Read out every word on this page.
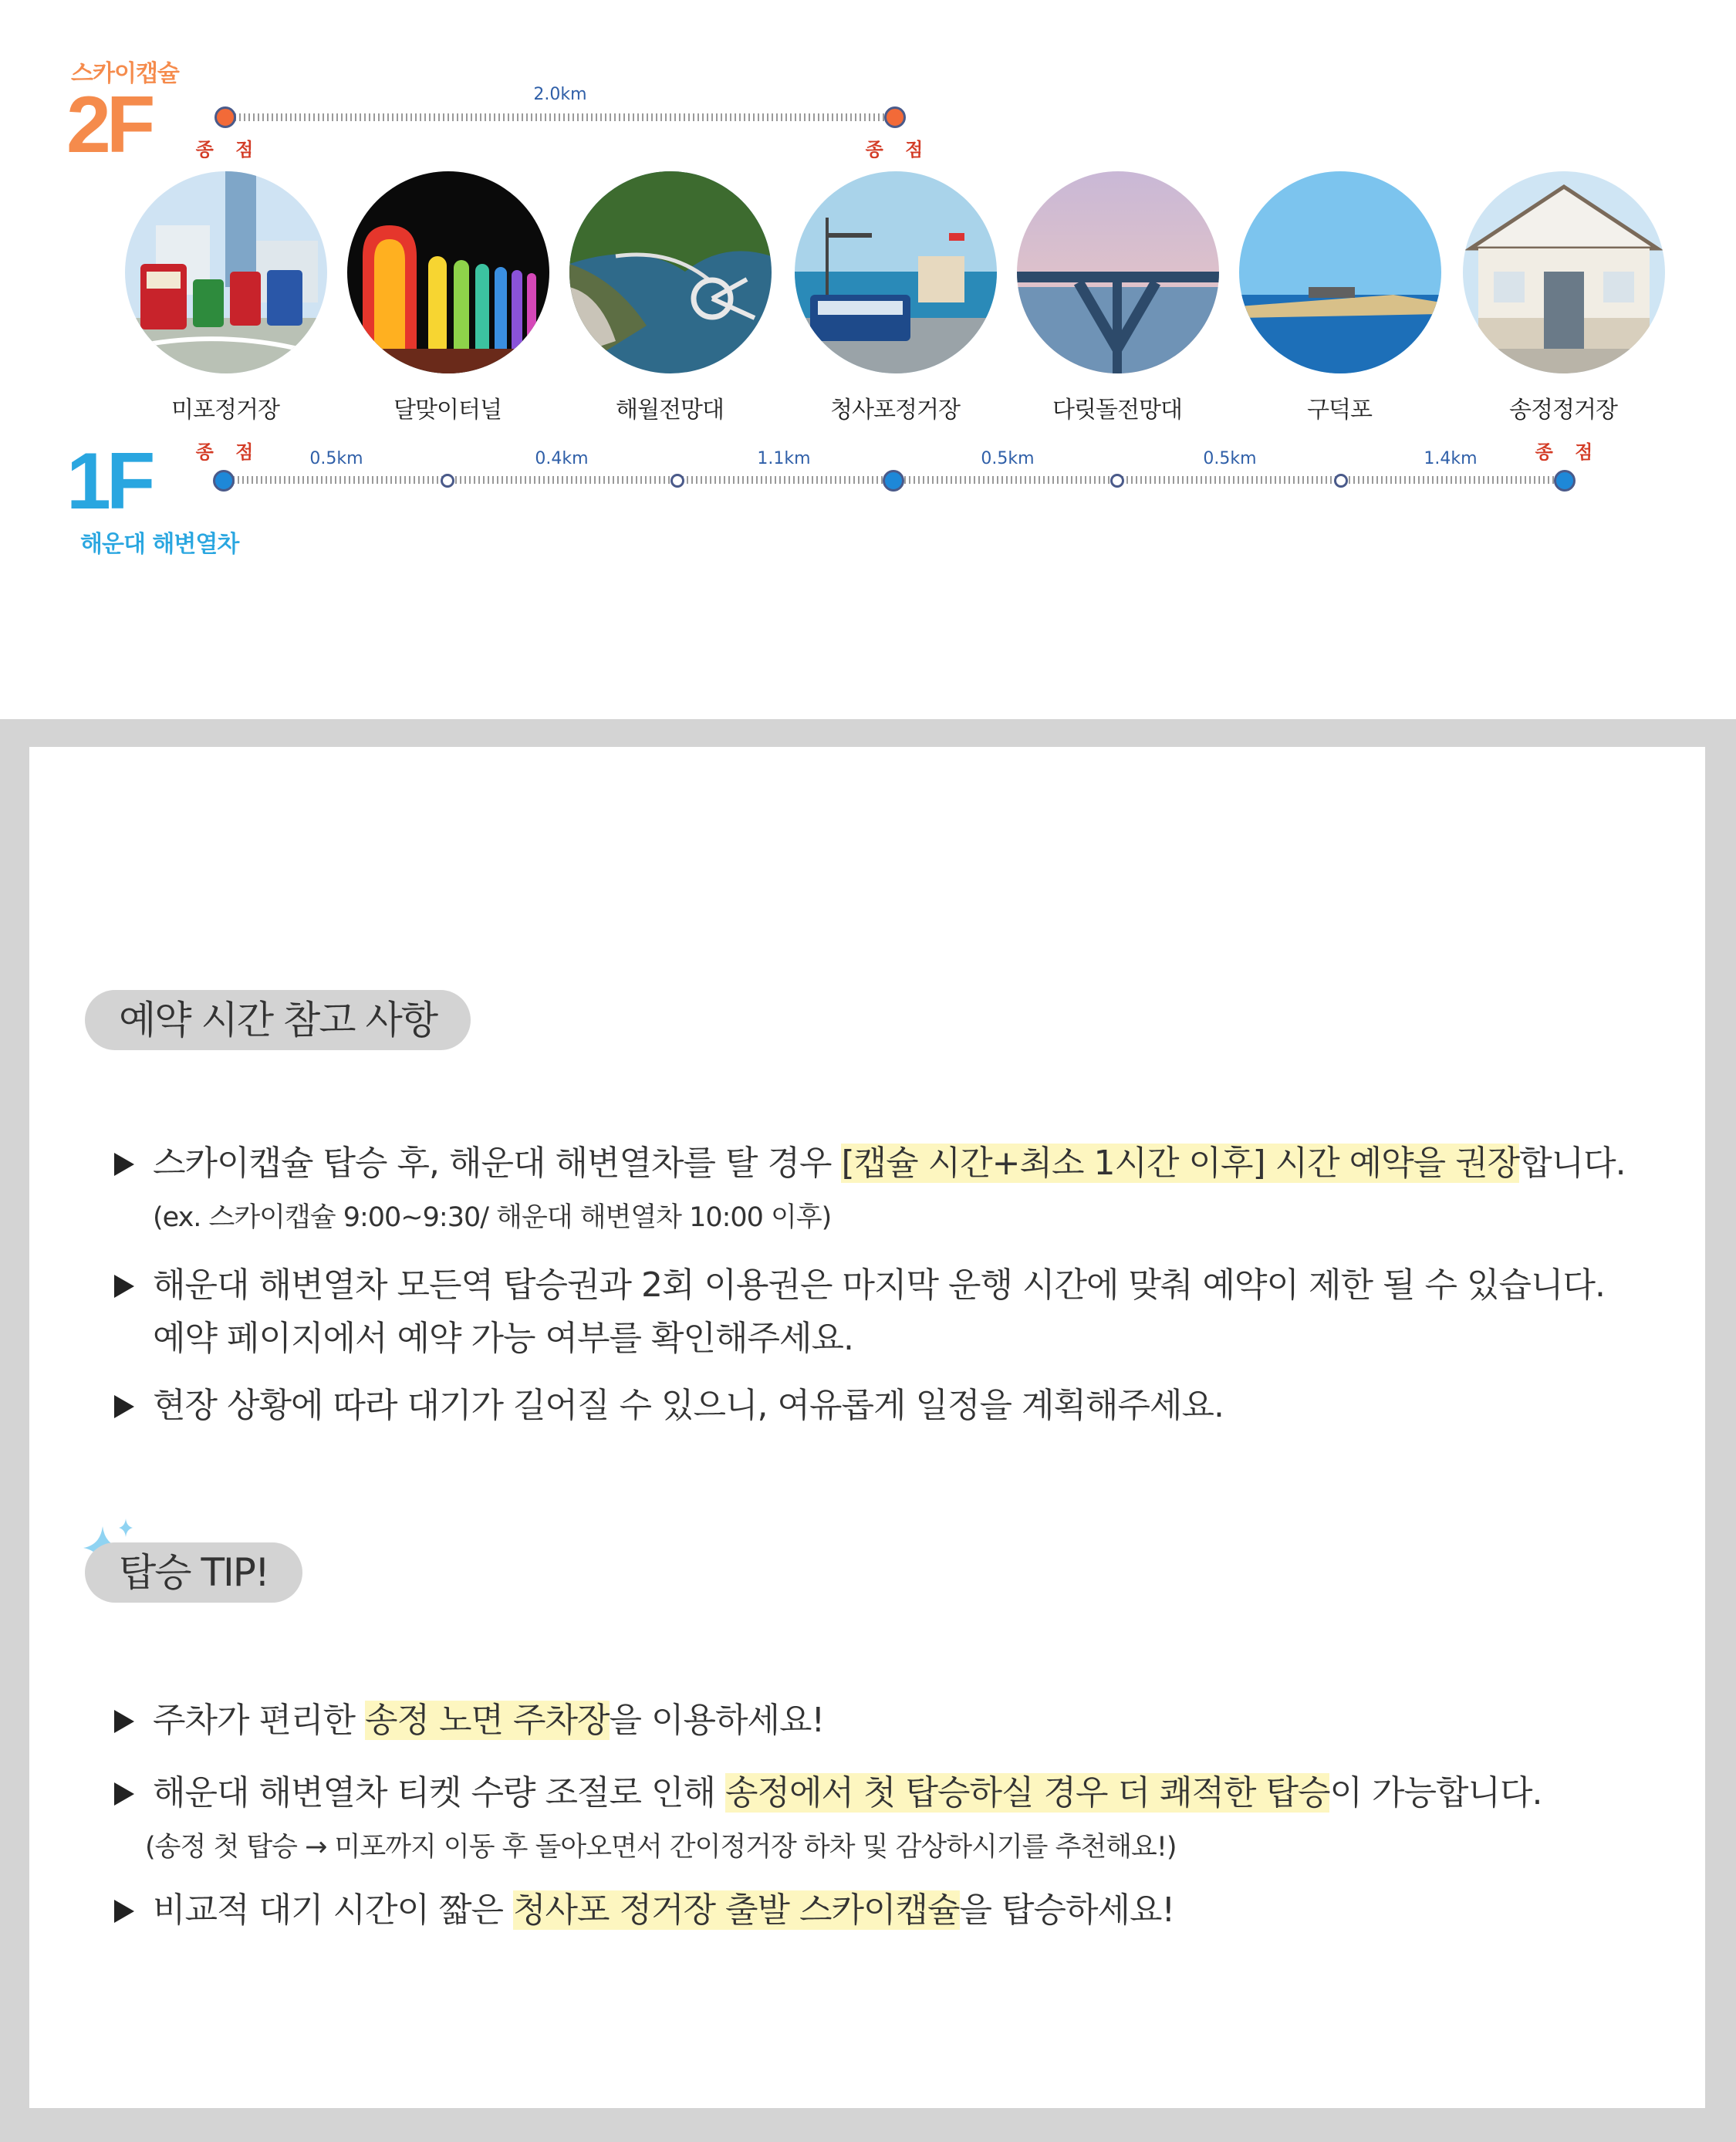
스카이캡슐
2F	2.0km
종 점	종 점
미포정거장	달맞이터널	해월전망대	청사포정거장	다릿돌전망대	구덕포	송정정거장
종 점	종 점
0.5km	0.4km	1.1km	0.5km	0.5km	1.4km
1F
해운대 해변열차
예약 시간 참고 사항
스카이캡슐 탑승 후, 해운대 해변열차를 탈 경우 [캡슐 시간+최소 1시간 이후] 시간 예약을 권장합니다.
(ex. 스카이캡슐 9:00~9:30/ 해운대 해변열차 10:00 이후)
해운대 해변열차 모든역 탑승권과 2회 이용권은 마지막 운행 시간에 맞춰 예약이 제한 될 수 있습니다.
예약 페이지에서 예약 가능 여부를 확인해주세요.
현장 상황에 따라 대기가 길어질 수 있으니, 여유롭게 일정을 계획해주세요.
탑승 TIP!
주차가 편리한 송정 노면 주차장을 이용하세요!
해운대 해변열차 티켓 수량 조절로 인해 송정에서 첫 탑승하실 경우 더 쾌적한 탑승이 가능합니다.
(송정 첫 탑승 → 미포까지 이동 후 돌아오면서 간이정거장 하차 및 감상하시기를 추천해요!)
비교적 대기 시간이 짧은 청사포 정거장 출발 스카이캡슐을 탑승하세요!
